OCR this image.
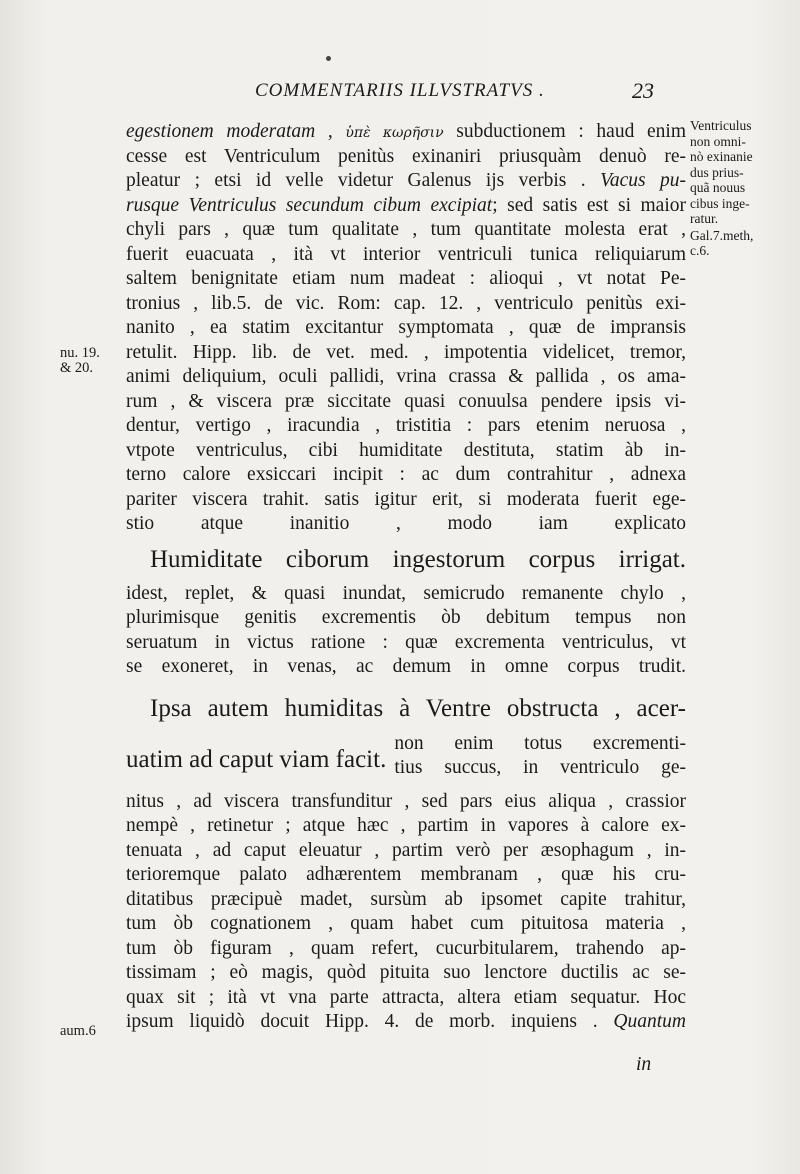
COMMENTARIIS ILLVSTRATVS .	23
egestionem moderatam , ὑπὲ κωρῆσιν subductionem : haud enim
cesse est Ventriculum penitùs exinaniri priusquàm denuò re-
pleatur ; etsi id velle videtur Galenus ijs verbis . Vacus pu-
rusque Ventriculus secundum cibum excipiat; sed satis est si maior
chyli pars , quæ tum qualitate , tum quantitate molesta erat ,
fuerit euacuata , ità vt interior ventriculi tunica reliquiarum
saltem benignitate etiam num madeat : alioqui , vt notat Pe-
tronius , lib.5. de vic. Rom: cap. 12. , ventriculo penitùs exi-
nanito , ea statim excitantur symptomata , quæ de impransis
retulit. Hipp. lib. de vet. med. , impotentia videlicet, tremor,
animi deliquium, oculi pallidi, vrina crassa & pallida , os ama-
rum , & viscera præ siccitate quasi conuulsa pendere ipsis vi-
dentur, vertigo , iracundia , tristitia : pars etenim neruosa ,
vtpote ventriculus, cibi humiditate destituta, statim àb in-
terno calore exsiccari incipit : ac dum contrahitur , adnexa
pariter viscera trahit. satis igitur erit, si moderata fuerit ege-
stio atque inanitio , modo iam explicato
Humiditate ciborum ingestorum corpus irrigat.
idest, replet, & quasi inundat, semicrudo remanente chylo ,
plurimisque genitis excrementis òb debitum tempus non
seruatum in victus ratione : quæ excrementa ventriculus, vt
se exoneret, in venas, ac demum in omne corpus trudit.
Ipsa autem humiditas à Ventre obstructa , acer-
uatim ad caput viam facit.
non enim totus excrementi-
tius succus, in ventriculo ge-
nitus , ad viscera transfunditur , sed pars eius aliqua , crassior
nempè , retinetur ; atque hæc , partim in vapores à calore ex-
tenuata , ad caput eleuatur , partim verò per æsophagum , in-
terioremque palato adhærentem membranam , quæ his cru-
ditatibus præcipuè madet, sursùm ab ipsomet capite trahitur,
tum òb cognationem , quam habet cum pituitosa materia ,
tum òb figuram , quam refert, cucurbitularem, trahendo ap-
tissimam ; eò magis, quòd pituita suo lenctore ductilis ac se-
quax sit ; ità vt vna parte attracta, altera etiam sequatur. Hoc
ipsum liquidò docuit Hipp. 4. de morb. inquiens . Quantum
Ventriculus
non omni-
nò exinanie
dus prius-
quã nouus
cibus inge-
ratur.
Gal.7.meth,
c.6.
nu. 19.
& 20.
aum.6
in
